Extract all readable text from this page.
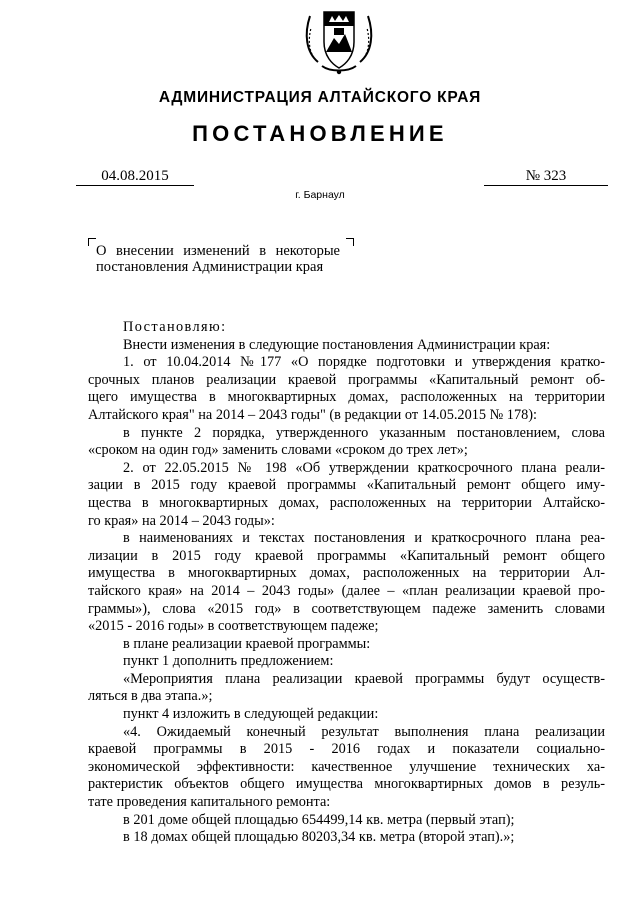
АДМИНИСТРАЦИЯ АЛТАЙСКОГО КРАЯ
ПОСТАНОВЛЕНИЕ
04.08.2015	№ 323
г. Барнаул
О внесении изменений в некоторые постановления Администрации края
Постановляю:
Внести изменения в следующие постановления Администрации края:
1. от 10.04.2014 №177 «О порядке подготовки и утверждения кратко-
срочных планов реализации краевой программы «Капитальный ремонт об-
щего имущества в многоквартирных домах, расположенных на территории
Алтайского края" на 2014 – 2043 годы" (в редакции от 14.05.2015 № 178):
в пункте 2 порядка, утвержденного указанным постановлением, слова
«сроком на один год» заменить словами «сроком до трех лет»;
2. от 22.05.2015 № 198 «Об утверждении краткосрочного плана реали-
зации в 2015 году краевой программы «Капитальный ремонт общего иму-
щества в многоквартирных домах, расположенных на территории Алтайско-
го края» на 2014 – 2043 годы»:
в наименованиях и текстах постановления и краткосрочного плана реа-
лизации в 2015 году краевой программы «Капитальный ремонт общего
имущества в многоквартирных домах, расположенных на территории Ал-
тайского края» на 2014 – 2043 годы» (далее – «план реализации краевой про-
граммы»), слова «2015 год» в соответствующем падеже заменить словами
«2015 - 2016 годы» в соответствующем падеже;
в плане реализации краевой программы:
пункт 1 дополнить предложением:
«Мероприятия плана реализации краевой программы будут осуществ-
ляться в два этапа.»;
пункт 4 изложить в следующей редакции:
«4. Ожидаемый конечный результат выполнения плана реализации
краевой программы в 2015 - 2016 годах и показатели социально-
экономической эффективности: качественное улучшение технических ха-
рактеристик объектов общего имущества многоквартирных домов в резуль-
тате проведения капитального ремонта:
в 201 доме общей площадью 654499,14 кв. метра (первый этап);
в 18 домах общей площадью 80203,34 кв. метра (второй этап).»;
